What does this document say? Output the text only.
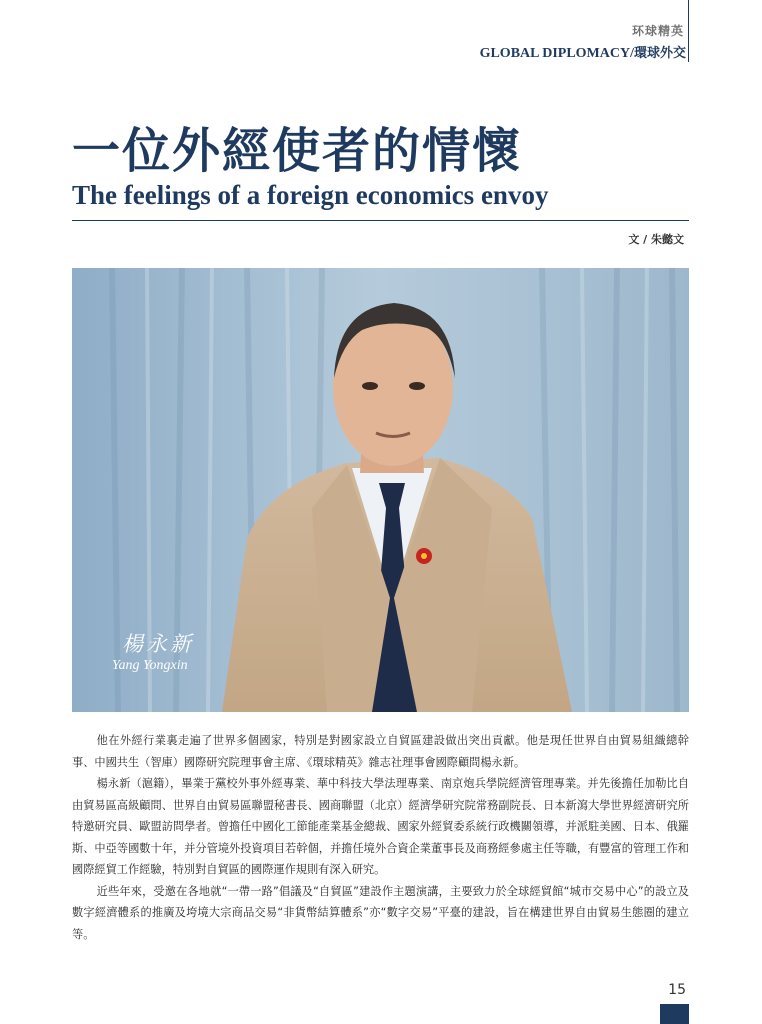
环球精英
GLOBAL DIPLOMACY/環球外交
一位外經使者的情懷
The feelings of a foreign economics envoy
文 / 朱懿文
楊永新
Yang Yongxin

他在外經行業裏走遍了世界多個國家，特別是對國家設立自貿區建設做出突出貢獻。他是現任世界自由貿易組織總幹事、中國共生（智庫）國際研究院理事會主席、《環球精英》雜志社理事會國際顧問楊永新。

楊永新（滬籍），畢業于黨校外事外經專業、華中科技大學法理專業、南京炮兵學院經濟管理專業。并先後擔任加勒比自由貿易區高級顧問、世界自由貿易區聯盟秘書長、國商聯盟（北京）經濟學研究院常務副院長、日本新瀉大學世界經濟研究所特邀研究員、歐盟訪問學者。曾擔任中國化工節能產業基金總裁、國家外經貿委系統行政機關領導，并派駐美國、日本、俄羅斯、中亞等國數十年，并分管境外投資項目若幹個，并擔任境外合資企業董事長及商務經參處主任等職，有豐富的管理工作和國際經貿工作經驗，特別對自貿區的國際運作規則有深入研究。

近些年來，受邀在各地就“一帶一路”倡議及“自貿區”建設作主題演講，主要致力於全球經貿館“城市交易中心”的設立及數字經濟體系的推廣及垮境大宗商品交易“非貨幣結算體系”亦“數字交易”平臺的建設，旨在構建世界自由貿易生態圈的建立等。

15
